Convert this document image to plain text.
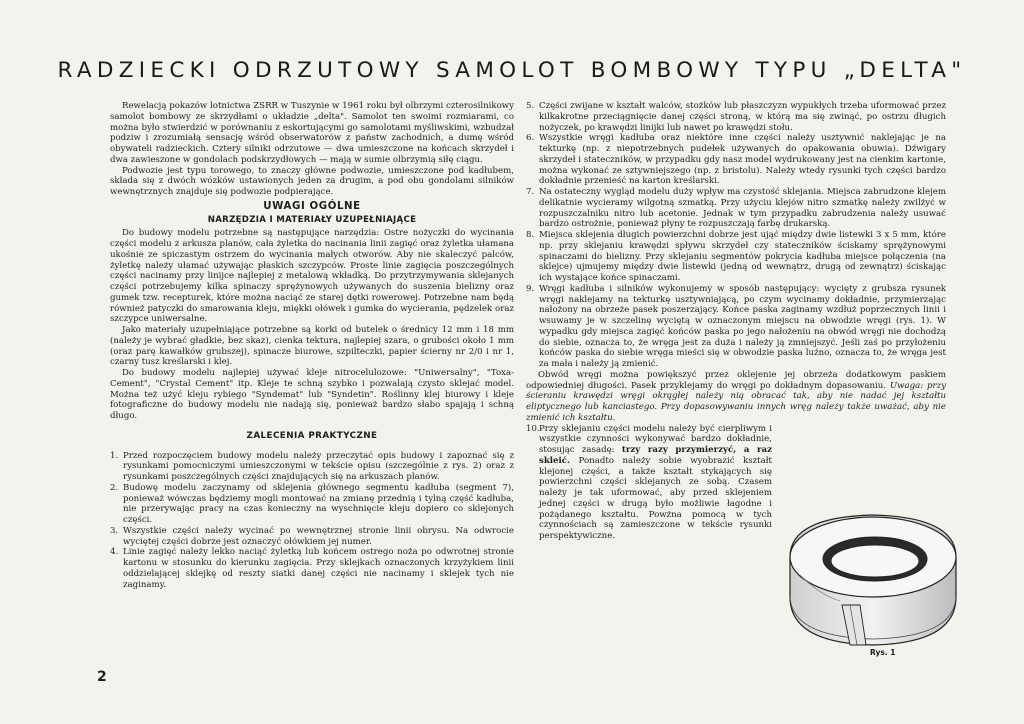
RADZIECKI ODRZUTOWY SAMOLOT BOMBOWY TYPU „DELTA"

Rewelacją pokazów lotnictwa ZSRR w Tuszynie w 1961 roku był olbrzymi czterosilnikowy samolot bombowy ze skrzydłami o układzie „delta". Samolot ten swoimi rozmiarami, co można było stwierdzić w porównaniu z eskortującymi go samolotami myśliwskimi, wzbudzał podziw i zrozumiałą sensację wśród obserwatorów z państw zachodnich, a dumę wśród obywateli radzieckich. Cztery silniki odrzutowe — dwa umieszczone na końcach skrzydeł i dwa zawieszone w gondolach podskrzydłowych — mają w sumie olbrzymią siłę ciągu.

Podwozie jest typu torowego, to znaczy główne podwozie, umieszczone pod kadłubem, składa się z dwóch wózków ustawionych jeden za drugim, a pod obu gondolami silników wewnętrznych znajduje się podwozie podpierające.

UWAGI OGÓLNE
NARZĘDZIA I MATERIAŁY UZUPEŁNIAJĄCE

Do budowy modelu potrzebne są następujące narzędzia: Ostre nożyczki do wycinania części modelu z arkusza planów, cała żyletka do nacinania linii zagięć oraz żyletka ułamana ukośnie ze spiczastym ostrzem do wycinania małych otworów. Aby nie skaleczyć palców, żyletkę należy ułamać używając płaskich szczypców. Proste linie zagięcia poszczególnych części nacinamy przy linijce najlepiej z metalową wkładką. Do przytrzymywania sklejanych części potrzebujemy kilka spinaczy sprężynowych używanych do suszenia bielizny oraz gumek tzw. recepturek, które można naciąć ze starej dętki rowerowej. Potrzebne nam będą również patyczki do smarowania kleju, miękki ołówek i gumka do wycierania, pędzelek oraz szczypce uniwersalne.

Jako materiały uzupełniające potrzebne są korki od butelek o średnicy 12 mm i 18 mm (należy je wybrać gładkie, bez skaz), cienka tektura, najlepiej szara, o grubości około 1 mm (oraz parę kawałków grubszej), spinacze biurowe, szpilteczki, papier ścierny nr 2/0 i nr 1, czarny tusz kreślarski i klej.

Do budowy modelu najlepiej używać kleje nitrocelulozowe: "Uniwersalny", "Toxa-Cement", "Crystal Cement" itp. Kleje te schną szybko i pozwalają czysto sklejać model. Można też użyć kleju rybiego "Syndemat" lub "Syndetin". Roślinny klej biurowy i kleje fotograficzne do budowy modelu nie nadają się, ponieważ bardzo słabo spajają i schną długo.

ZALECENIA PRAKTYCZNE
1. Przed rozpoczęciem budowy modelu należy przeczytać opis budowy i zapoznać się z rysunkami pomocniczymi umieszczonymi w tekście opisu (szczególnie z rys. 2) oraz z rysunkami poszczególnych części znajdujących się na arkuszach planów.
2. Budowę modelu zaczynamy od sklejenia głównego segmentu kadłuba (segment 7), ponieważ wówczas będziemy mogli montować na zmianę przednią i tylną część kadłuba, nie przerywając pracy na czas konieczny na wyschnięcie kleju dopiero co sklejonych części.
3. Wszystkie części należy wycinać po wewnętrznej stronie linii obrysu. Na odwrocie wyciętej części dobrze jest oznaczyć ołówkiem jej numer.
4. Linie zagięć należy lekko naciąć żyletką lub końcem ostrego noża po odwrotnej stronie kartonu w stosunku do kierunku zagięcia. Przy sklejkach oznaczonych krzyżykiem linii oddzielającej sklejkę od reszty siatki danej części nie nacinamy i sklejek tych nie zaginamy.
5. Części zwijane w kształt walców, stożków lub płaszczyzn wypukłych trzeba uformować przez kilkakrotne przeciągnięcie danej części stroną, w którą ma się zwinąć, po ostrzu długich nożyczek, po krawędzi linijki lub nawet po krawędzi stołu.
6. Wszystkie wręgi kadłuba oraz niektóre inne części należy usztywnić naklejając je na tekturkę (np. z niepotrzebnych pudełek używanych do opakowania obuwia). Dźwigary skrzydeł i stateczników, w przypadku gdy nasz model wydrukowany jest na cienkim kartonie, można wykonać ze sztywniejszego (np. z bristolu). Należy wtedy rysunki tych części bardzo dokładnie przenieść na karton kreślarski.
7. Na ostateczny wygląd modelu duży wpływ ma czystość sklejania. Miejsca zabrudzone klejem delikatnie wycieramy wilgotną szmatką. Przy użyciu klejów nitro szmatkę należy zwilżyć w rozpuszczalniku nitro lub acetonie. Jednak w tym przypadku zabrudzenia należy usuwać bardzo ostrożnie, ponieważ płyny te rozpuszczają farbę drukarską.
8. Miejsca sklejenia długich powierzchni dobrze jest ująć między dwie listewki 3 x 5 mm, które np. przy sklejaniu krawędzi spływu skrzydeł czy stateczników ściskamy sprężynowymi spinaczami do bielizny. Przy sklejaniu segmentów pokrycia kadłuba miejsce połączenia (na sklejce) ujmujemy między dwie listewki (jedną od wewnątrz, drugą od zewnątrz) ściskając ich wystające końce spinaczami.
9. Wręgi kadłuba i silników wykonujemy w sposób następujący: wycięty z grubsza rysunek wręgi naklejamy na tekturkę usztywniającą, po czym wycinamy dokładnie, przymierzając nałożony na obrzeże pasek poszerzający. Końce paska zaginamy wzdłuż poprzecznych linii i wsuwamy je w szczelinę wyciętą w oznaczonym miejscu na obwodzie wręgi (rys. 1). W wypadku gdy miejsca zagięć końców paska po jego nałożeniu na obwód wręgi nie dochodzą do siebie, oznacza to, że wręga jest za duża i należy ją zmniejszyć. Jeśli zaś po przyłożeniu końców paska do siebie wręga mieści się w obwodzie paska luźno, oznacza to, że wręga jest za mała i należy ją zmienić.

Obwód wręgi można powiększyć przez oklejenie jej obrzeża dodatkowym paskiem odpowiedniej długości. Pasek przyklejamy do wręgi po dokładnym dopasowaniu. Uwaga: przy ścieraniu krawędzi wręgi okrągłej należy nią obracać tak, aby nie nadać jej kształtu eliptycznego lub kanciastego. Przy dopasowywaniu innych wręg należy także uważać, aby nie zmienić ich kształtu.

10. Przy sklejaniu części modelu należy być cierpliwym i wszystkie czynności wykonywać bardzo dokładnie, stosując zasadę: trzy razy przymierzyć, a raz skleić. Ponadto należy sobie wyobrazić kształt klejonej części, a także kształt stykających się powierzchni części sklejanych ze sobą. Czasem należy je tak uformować, aby przed sklejeniem jednej części w drugą było możliwie łagodne i pożądanego kształtu. Powżna pomocą w tych czynnościach są zamieszczone w tekście rysunki perspektywiczne.
Rys. 1
2
